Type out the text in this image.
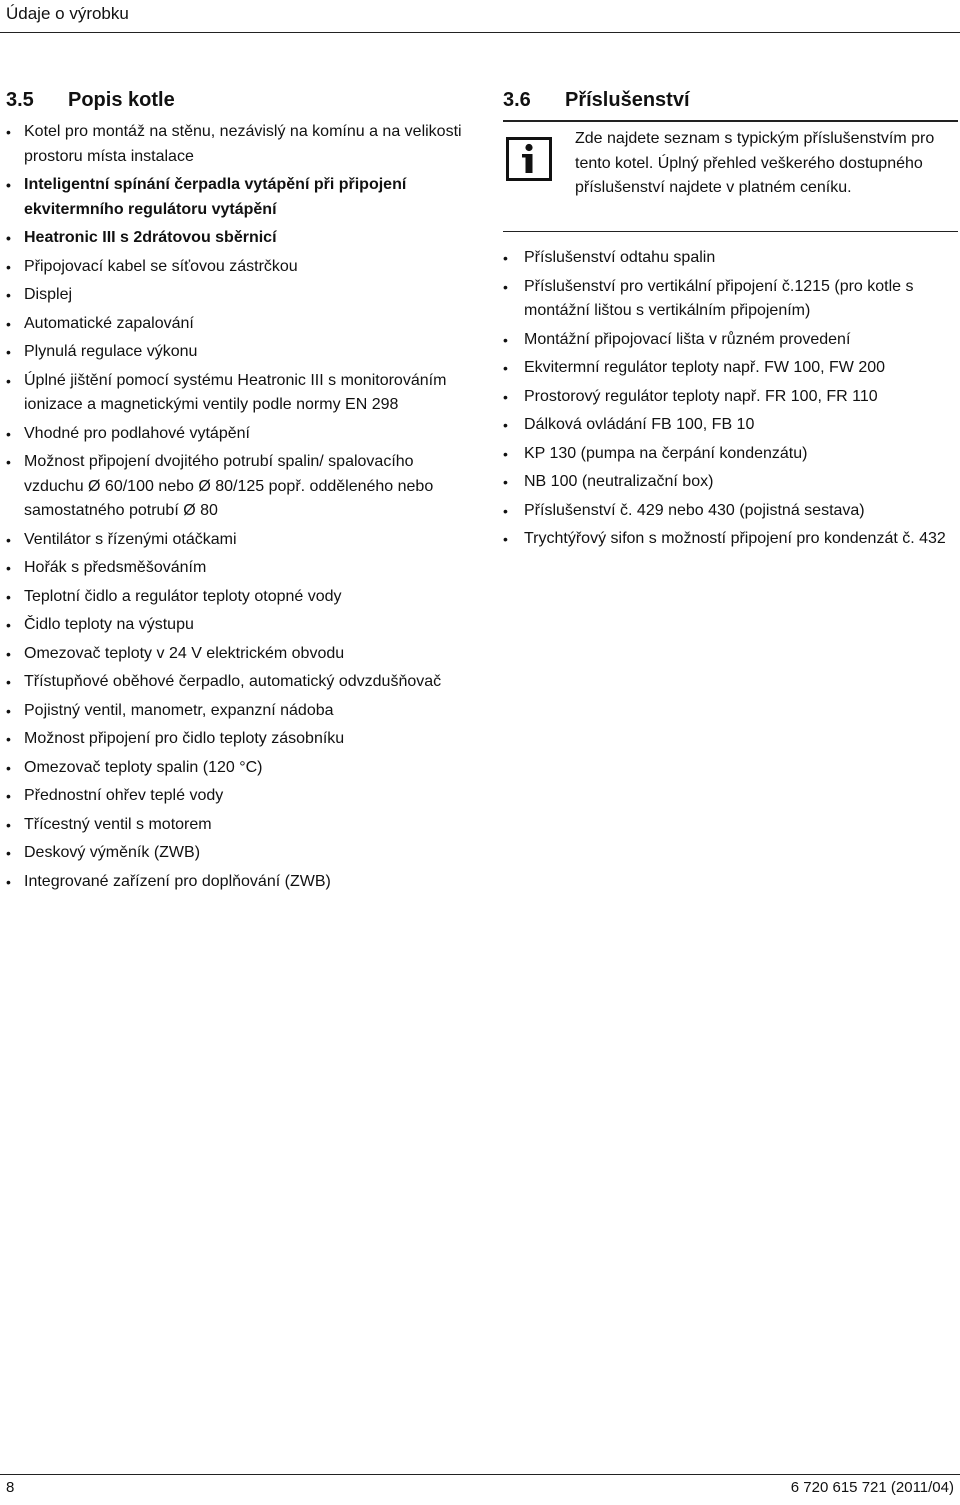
Údaje o výrobku
3.5	Popis kotle
• Kotel pro montáž na stěnu, nezávislý na komínu a na velikosti prostoru místa instalace
• Inteligentní spínání čerpadla vytápění při připojení ekvitermního regulátoru vytápění
• Heatronic III s 2drátovou sběrnicí
• Připojovací kabel se síťovou zástrčkou
• Displej
• Automatické zapalování
• Plynulá regulace výkonu
• Úplné jištění pomocí systému Heatronic III s monitorováním ionizace a magnetickými ventily podle normy EN 298
• Vhodné pro podlahové vytápění
• Možnost připojení dvojitého potrubí spalin/ spalovacího vzduchu Ø 60/100 nebo Ø 80/125 popř. odděleného nebo samostatného potrubí Ø 80
• Ventilátor s řízenými otáčkami
• Hořák s předsměšováním
• Teplotní čidlo a regulátor teploty otopné vody
• Čidlo teploty na výstupu
• Omezovač teploty v 24 V elektrickém obvodu
• Třístupňové oběhové čerpadlo, automatický odvzdušňovač
• Pojistný ventil, manometr, expanzní nádoba
• Možnost připojení pro čidlo teploty zásobníku
• Omezovač teploty spalin (120 °C)
• Přednostní ohřev teplé vody
• Třícestný ventil s motorem
• Deskový výměník (ZWB)
• Integrované zařízení pro doplňování (ZWB)
3.6	Příslušenství
Zde najdete seznam s typickým příslušenstvím pro tento kotel. Úplný přehled veškerého dostupného příslušenství najdete v platném ceníku.
• Příslušenství odtahu spalin
• Příslušenství pro vertikální připojení č.1215 (pro kotle s montážní lištou s vertikálním připojením)
• Montážní připojovací lišta v různém provedení
• Ekvitermní regulátor teploty např. FW 100, FW 200
• Prostorový regulátor teploty např. FR 100, FR 110
• Dálková ovládání FB 100, FB 10
• KP 130 (pumpa na čerpání kondenzátu)
• NB 100 (neutralizační box)
• Příslušenství č. 429 nebo 430 (pojistná sestava)
• Trychtýřový sifon s možností připojení pro kondenzát č. 432
8	6 720 615 721 (2011/04)
